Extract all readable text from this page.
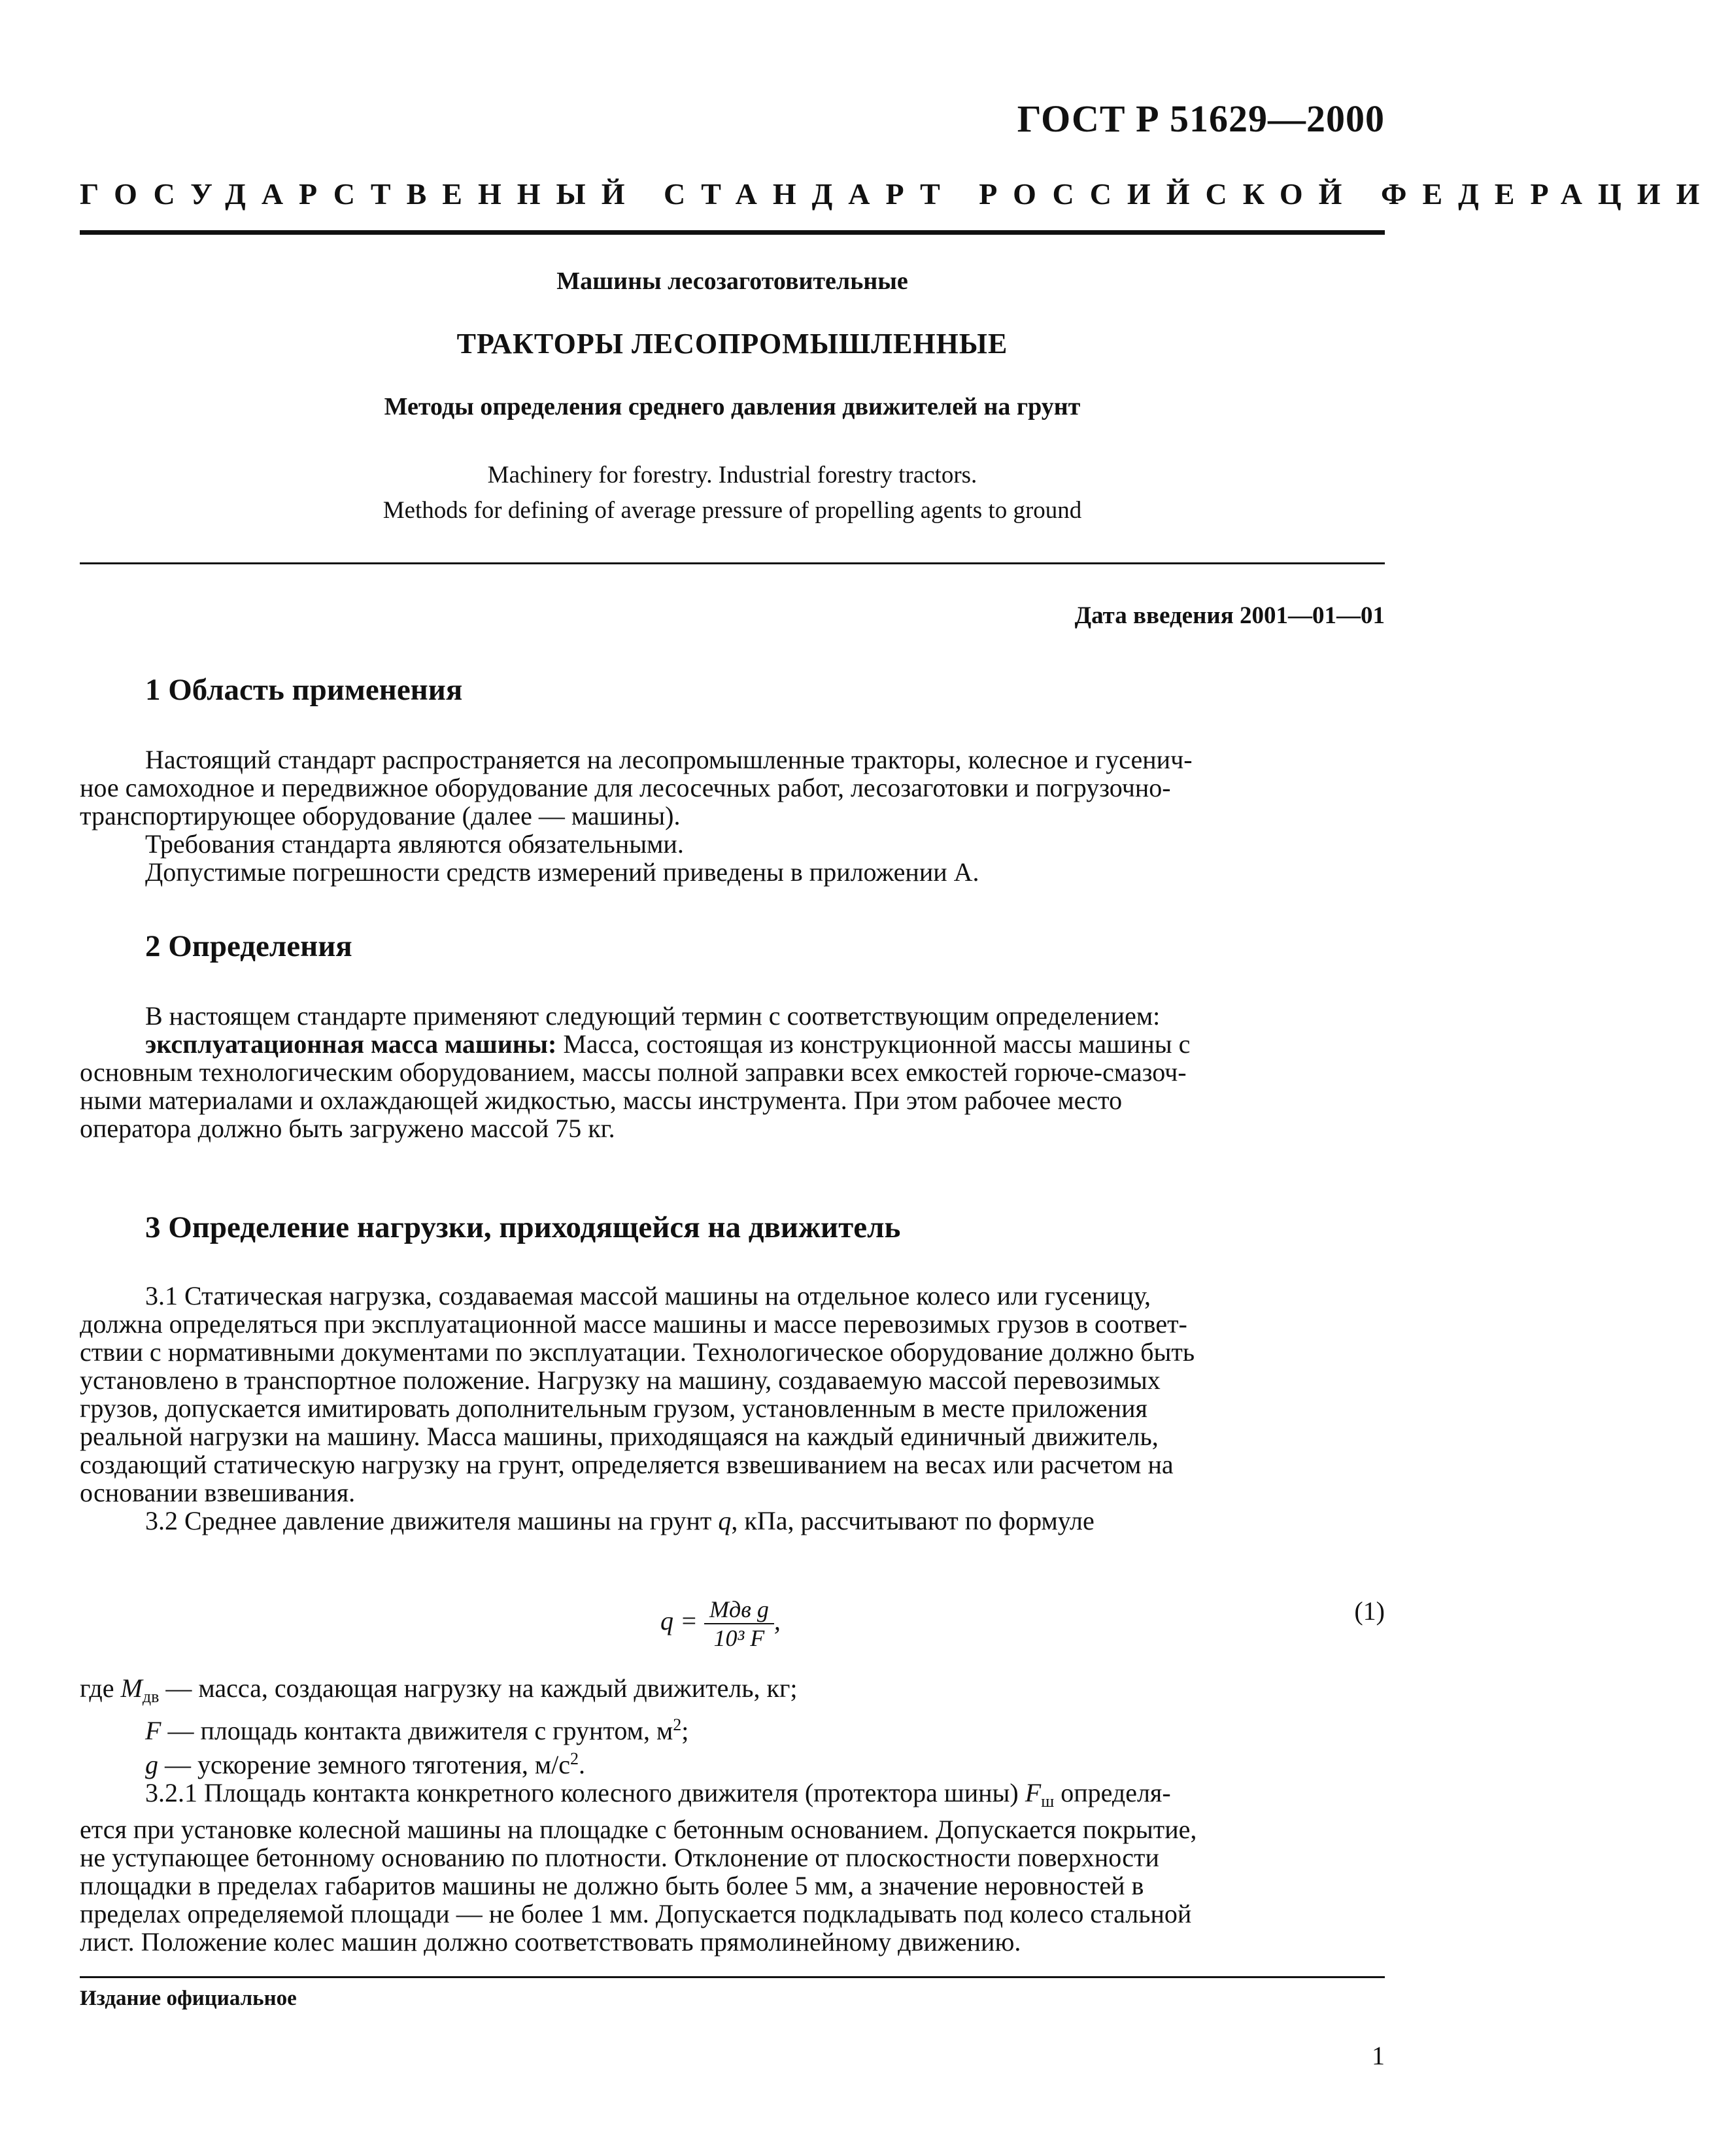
ГОСТ Р 51629—2000
ГОСУДАРСТВЕННЫЙ СТАНДАРТ РОССИЙСКОЙ ФЕДЕРАЦИИ
Машины лесозаготовительные
ТРАКТОРЫ ЛЕСОПРОМЫШЛЕННЫЕ
Методы определения среднего давления движителей на грунт
Machinery for forestry. Industrial forestry tractors.
Methods for defining of average pressure of propelling agents to ground
Дата введения 2001—01—01
1 Область применения
Настоящий стандарт распространяется на лесопромышленные тракторы, колесное и гусенич-
ное самоходное и передвижное оборудование для лесосечных работ, лесозаготовки и погрузочно-
транспортирующее оборудование (далее — машины).
Требования стандарта являются обязательными.
Допустимые погрешности средств измерений приведены в приложении А.
2 Определения
В настоящем стандарте применяют следующий термин с соответствующим определением:
эксплуатационная масса машины: Масса, состоящая из конструкционной массы машины с
основным технологическим оборудованием, массы полной заправки всех емкостей горюче-смазоч-
ными материалами и охлаждающей жидкостью, массы инструмента. При этом рабочее место
оператора должно быть загружено массой 75 кг.
3 Определение нагрузки, приходящейся на движитель
3.1 Статическая нагрузка, создаваемая массой машины на отдельное колесо или гусеницу,
должна определяться при эксплуатационной массе машины и массе перевозимых грузов в соответ-
ствии с нормативными документами по эксплуатации. Технологическое оборудование должно быть
установлено в транспортное положение. Нагрузку на машину, создаваемую массой перевозимых
грузов, допускается имитировать дополнительным грузом, установленным в месте приложения
реальной нагрузки на машину. Масса машины, приходящаяся на каждый единичный движитель,
создающий статическую нагрузку на грунт, определяется взвешиванием на весах или расчетом на
основании взвешивания.
3.2 Среднее давление движителя машины на грунт q, кПа, рассчитывают по формуле
$q = \frac{\text{Mдв g}}{\text{10³ F}}$ ,	(1)
где $M_{дв}$ — масса, создающая нагрузку на каждый движитель, кг;
F — площадь контакта движителя с грунтом, $м^2$;
g — ускорение земного тяготения, $м/с^2$.
3.2.1 Площадь контакта конкретного колесного движителя (протектора шины) $F_ш$ определя-
ется при установке колесной машины на площадке с бетонным основанием. Допускается покрытие,
не уступающее бетонному основанию по плотности. Отклонение от плоскостности поверхности
площадки в пределах габаритов машины не должно быть более 5 мм, а значение неровностей в
пределах определяемой площади — не более 1 мм. Допускается подкладывать под колесо стальной
лист. Положение колес машин должно соответствовать прямолинейному движению.
Издание официальное
1
